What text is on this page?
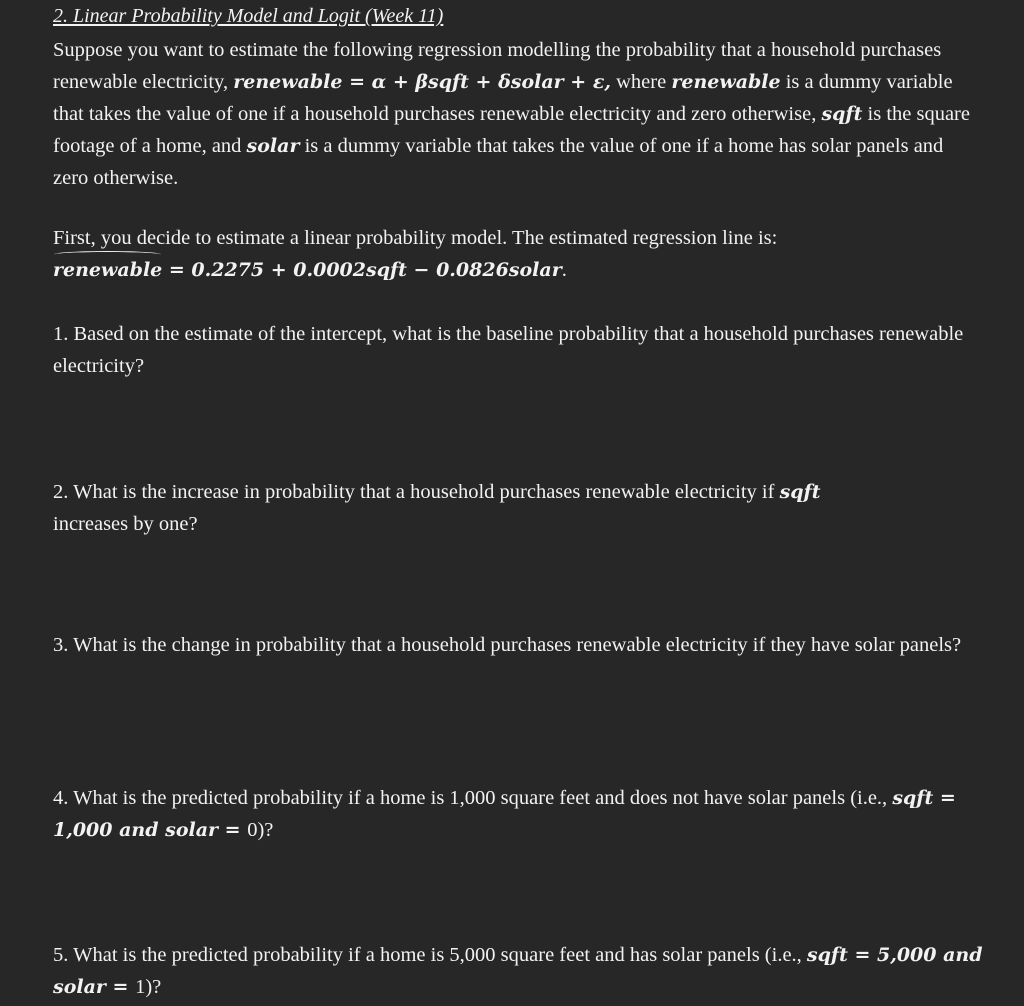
2. Linear Probability Model and Logit (Week 11)

Suppose you want to estimate the following regression modelling the probability that a household purchases renewable electricity, renewable = α + βsqft + δsolar + ε, where renewable is a dummy variable that takes the value of one if a household purchases renewable electricity and zero otherwise, sqft is the square footage of a home, and solar is a dummy variable that takes the value of one if a home has solar panels and zero otherwise.

First, you decide to estimate a linear probability model. The estimated regression line is:
renewable = 0.2275 + 0.0002sqft − 0.0826solar.

1. Based on the estimate of the intercept, what is the baseline probability that a household purchases renewable electricity?

2. What is the increase in probability that a household purchases renewable electricity if sqft
increases by one?

3. What is the change in probability that a household purchases renewable electricity if they have solar panels?

4. What is the predicted probability if a home is 1,000 square feet and does not have solar panels (i.e., sqft = 1,000 and solar = 0)?

5. What is the predicted probability if a home is 5,000 square feet and has solar panels (i.e., sqft = 5,000 and solar = 1)?
